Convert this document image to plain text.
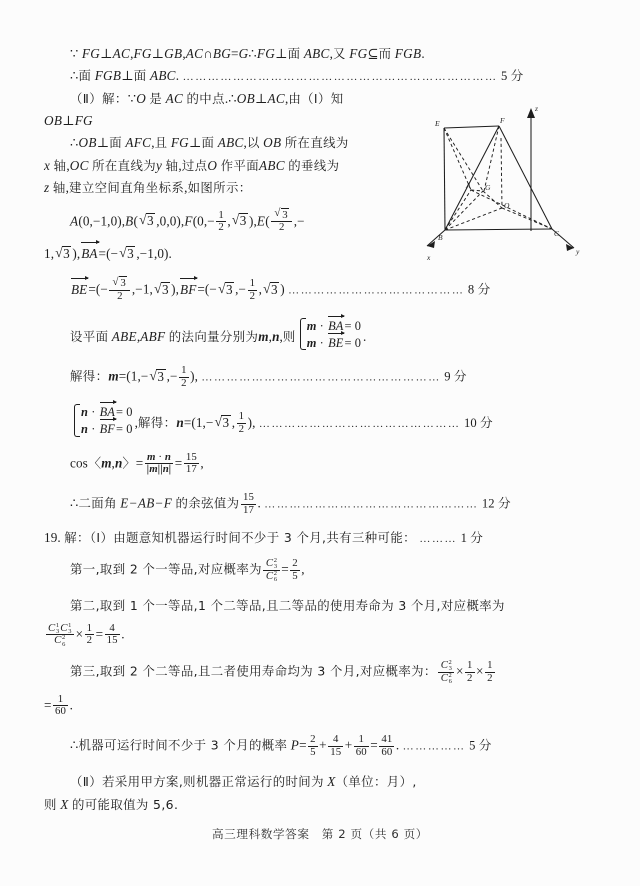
E	F
A G
O
B	C
x
y
z

∵ FG⊥AC,FG⊥GB,AC∩BG=G∴FG⊥面 ABC,又 FG⊆而 FGB.

∴面 FGB⊥面 ABC. ………………………………………………………………… 5 分

（Ⅱ）解：∵O 是 AC 的中点.∴OB⊥AC,由（Ⅰ）知

OB⊥FG

∴OB⊥面 AFC,且 FG⊥面 ABC,以 OB 所在直线为

x 轴,OC 所在直线为y 轴,过点O 作平面ABC 的垂线为

z 轴,建立空间直角坐标系,如图所示：

A(0,−1,0),B( √ 3 $,0,0),F(0,- \frac{1}{2}$ , √ 3 ),E( √ $\frac{3}{2}$ ,−

1, √ 3 ),
BA=(− √ 3 ,−1,0).

BE=(− √ $\frac{3}{2} ,-1$, √ 3 ),
BF=(− √ 3 ,− $\frac{1}{2}$ , √ 3 ) …………………………………… 8 分

设平面 ABE,ABF 的法向量分别为m,n,则
m · BA= 0
m · BE= 0 .

解得：m=(1,− √ 3 ,− $\frac{1}{2}$ ), ………………………………………………… 9 分

n · BA= 0
n · BF= 0 ,解得：n=(1,− √ 3 , $\frac{1}{2}$ ), ………………………………………… 10 分

cos〈m,n〉= $\frac{m \cdot n}{|m||n|} = \frac{15}{17}$ ,

∴二面角 E−AB−F 的余弦值为 $\frac{15}{17}$ . …………………………………………… 12 分

19. 解：（Ⅰ）由题意知机器运行时间不少于 3 个月,共有三种可能： ……… 1 分

第一,取到 2 个一等品,对应概率为 $\frac{C^2_3}{C^2_6} = \frac{2}{5}$ ,

第二,取到 1 个一等品,1 个二等品,且二等品的使用寿命为 3 个月,对应概率为

$\frac{C^1_3C^1_3}{C^2_6} \times \frac{1}{2} = \frac{4}{15}$ .

第三,取到 2 个二等品,且二者使用寿命均为 3 个月,对应概率为： $\frac{C^2_3}{C^2_6} \times \frac{1}{2} \times \frac{1}{2}$

= $\frac{1}{60}$ .

∴机器可运行时间不少于 3 个月的概率 $P= \frac{2}{5} + \frac{4}{15} + \frac{1}{60} = \frac{41}{60}$ . …………… 5 分

（Ⅱ）若采用甲方案,则机器正常运行的时间为 X（单位：月）,

则 X 的可能取值为 5,6.

高三理科数学答案　第 2 页（共 6 页）
